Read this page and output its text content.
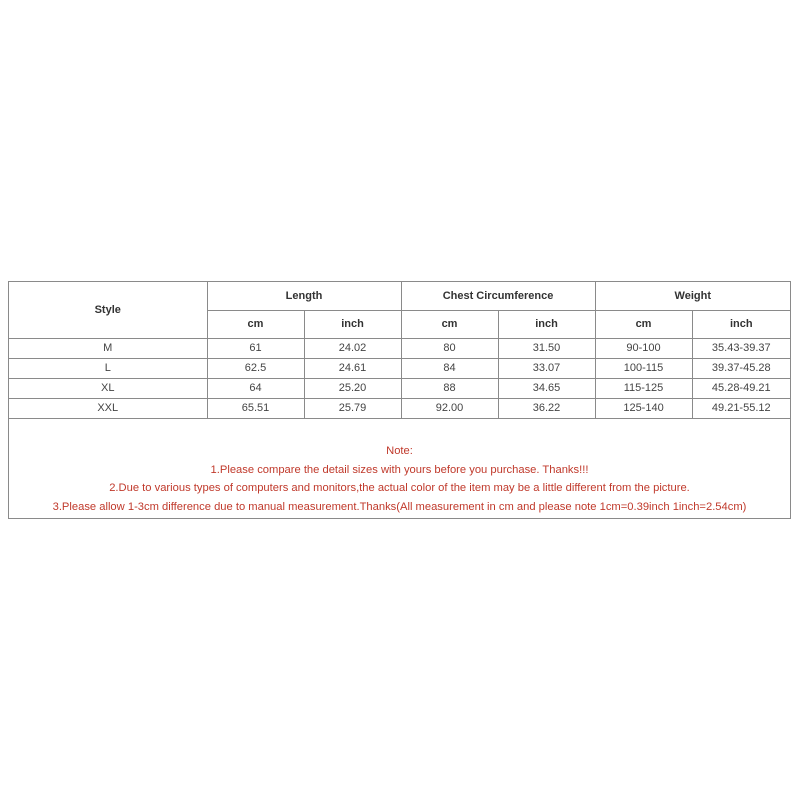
Style	Length		Chest Circumference		Weight	
	cm	inch	cm	inch	cm	inch
M	61	24.02	80	31.50	90-100	35.43-39.37
L	62.5	24.61	84	33.07	100-115	39.37-45.28
XL	64	25.20	88	34.65	115-125	45.28-49.21
XXL	65.51	25.79	92.00	36.22	125-140	49.21-55.12
Note:
1.Please compare the detail sizes with yours before you purchase. Thanks!!!
2.Due to various types of computers and monitors,the actual color of the item may be a little different from the picture.
3.Please allow 1-3cm difference due to manual measurement.Thanks(All measurement in cm and please note 1cm=0.39inch 1inch=2.54cm)
